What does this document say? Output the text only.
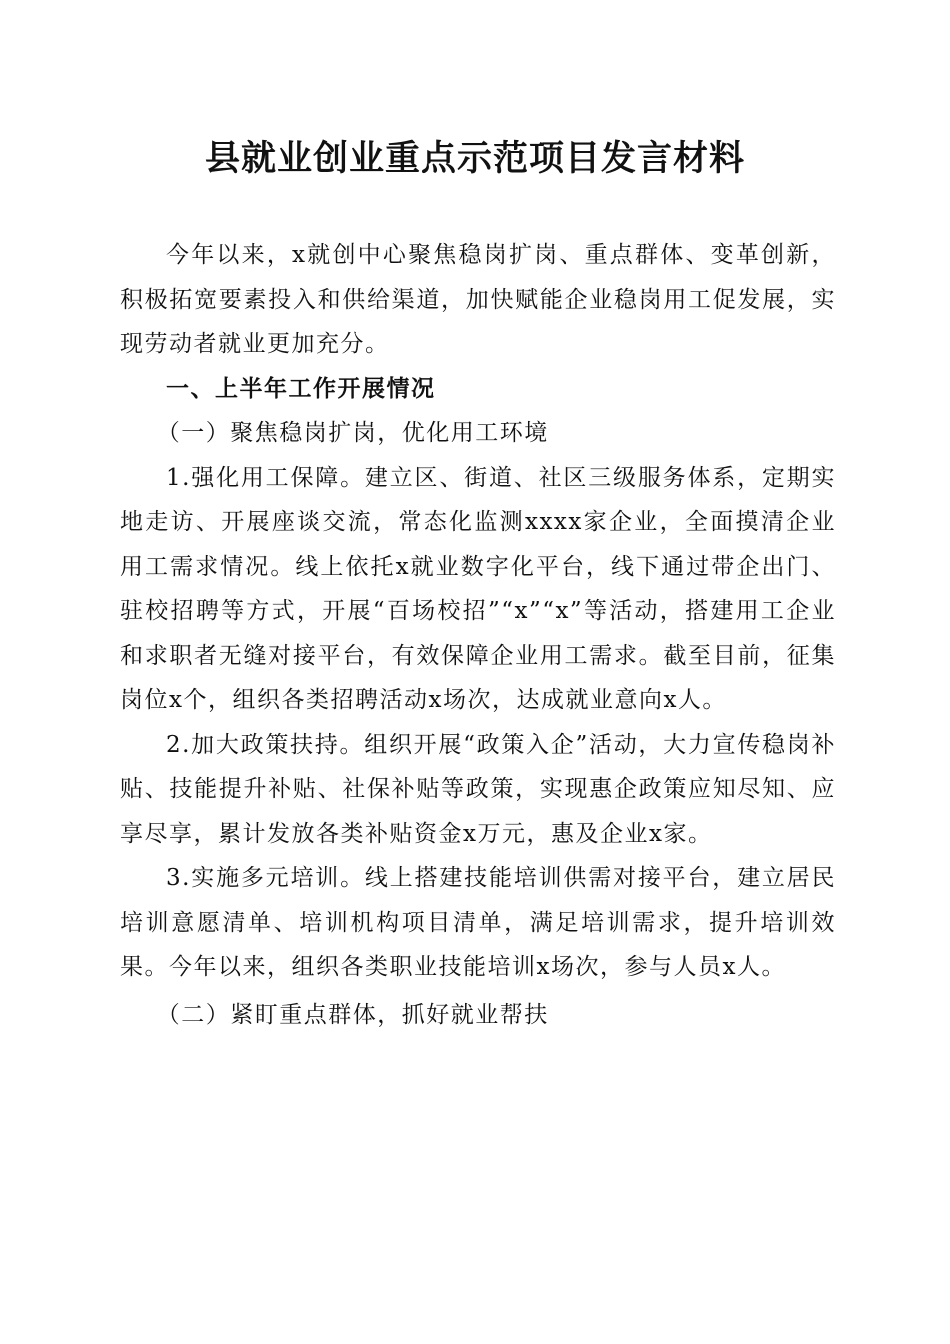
县就业创业重点示范项目发言材料

今年以来，x就创中心聚焦稳岗扩岗、重点群体、变革创新，积极拓宽要素投入和供给渠道，加快赋能企业稳岗用工促发展，实现劳动者就业更加充分。

一、上半年工作开展情况

（一）聚焦稳岗扩岗，优化用工环境

1.强化用工保障。建立区、街道、社区三级服务体系，定期实地走访、开展座谈交流，常态化监测xxxx家企业，全面摸清企业用工需求情况。线上依托x就业数字化平台，线下通过带企出门、驻校招聘等方式，开展“百场校招”“x”“x”等活动，搭建用工企业和求职者无缝对接平台，有效保障企业用工需求。截至目前，征集岗位x个，组织各类招聘活动x场次，达成就业意向x人。

2.加大政策扶持。组织开展“政策入企”活动，大力宣传稳岗补贴、技能提升补贴、社保补贴等政策，实现惠企政策应知尽知、应享尽享，累计发放各类补贴资金x万元，惠及企业x家。

3.实施多元培训。线上搭建技能培训供需对接平台，建立居民培训意愿清单、培训机构项目清单，满足培训需求，提升培训效果。今年以来，组织各类职业技能培训x场次，参与人员x人。

（二）紧盯重点群体，抓好就业帮扶
